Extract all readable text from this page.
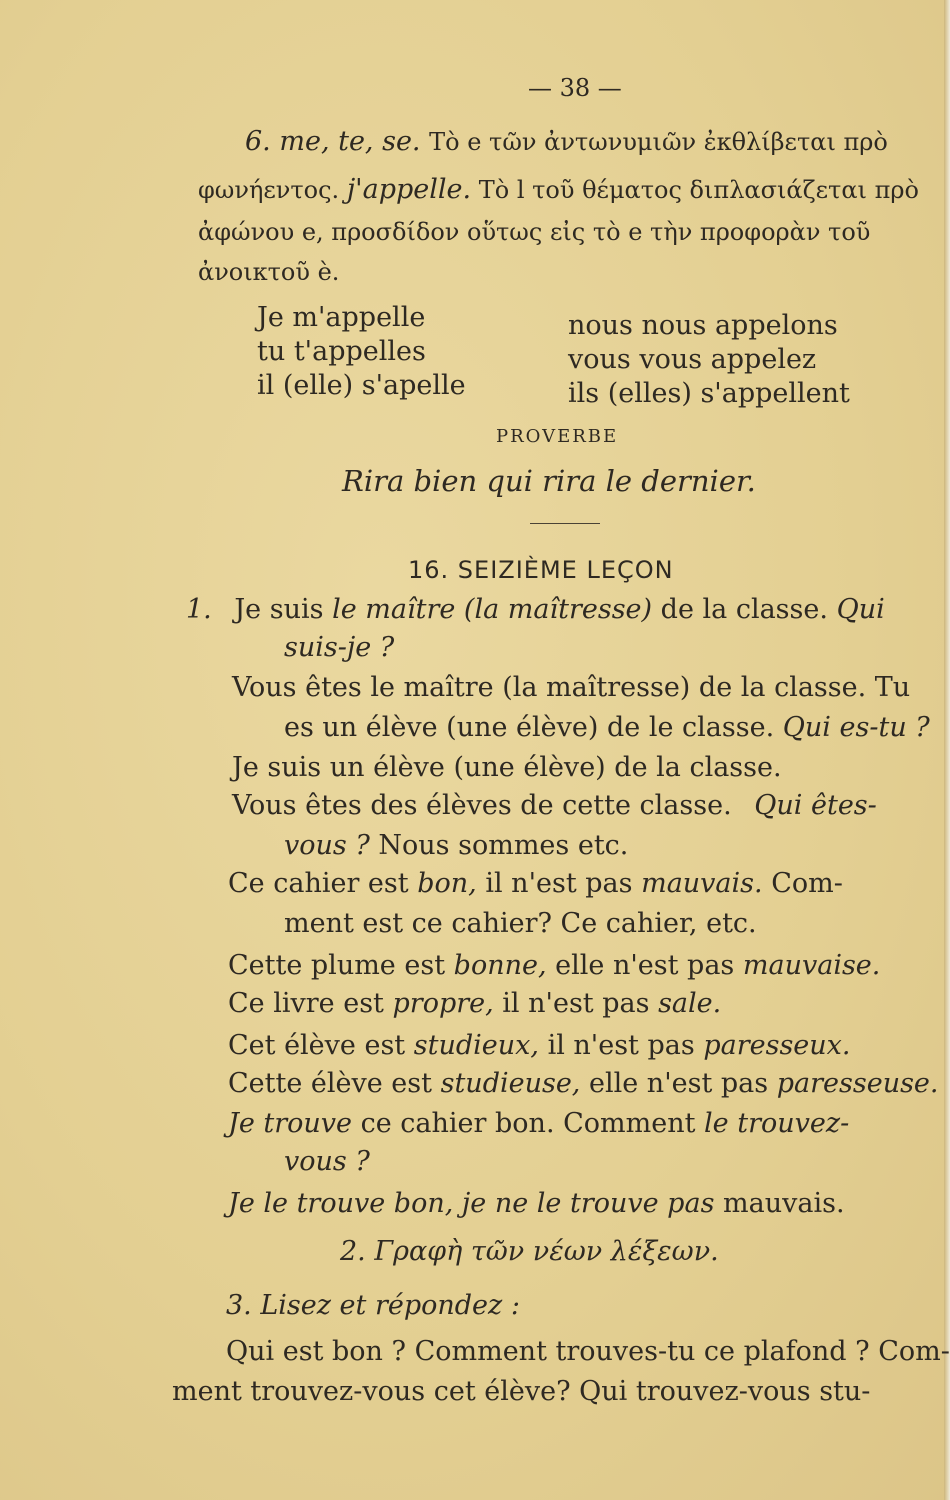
— 38 —
6. me, te, se. Τὸ e τῶν ἀντωνυμιῶν ἐκθλίβεται πρὸ
φωνήεντος. j'appelle. Τὸ l τοῦ θέματος διπλασιάζεται πρὸ
ἀφώνου e, προσδίδον οὕτως εἰς τὸ e τὴν προφορὰν τοῦ
ἀνοικτοῦ è.
Je m'appelle
tu t'appelles
il (elle) s'apelle
nous nous appelons
vous vous appelez
ils (elles) s'appellent
PROVERBE
Rira bien qui rira le dernier.
16. SEIZIÈME LEÇON
1. Je suis le maître (la maîtresse) de la classe. Qui
suis-je ?
Vous êtes le maître (la maîtresse) de la classe. Tu
es un élève (une élève) de le classe. Qui es-tu ?
Je suis un élève (une élève) de la classe.
Vous êtes des élèves de cette classe. Qui êtes-
vous ? Nous sommes etc.
Ce cahier est bon, il n'est pas mauvais. Com-
ment est ce cahier? Ce cahier, etc.
Cette plume est bonne, elle n'est pas mauvaise.
Ce livre est propre, il n'est pas sale.
Cet élève est studieux, il n'est pas paresseux.
Cette élève est studieuse, elle n'est pas paresseuse.
Je trouve ce cahier bon. Comment le trouvez-
vous ?
Je le trouve bon, je ne le trouve pas mauvais.
2. Γραφὴ τῶν νέων λέξεων.
3. Lisez et répondez :
Qui est bon ? Comment trouves-tu ce plafond ? Com-
ment trouvez-vous cet élève? Qui trouvez-vous stu-
